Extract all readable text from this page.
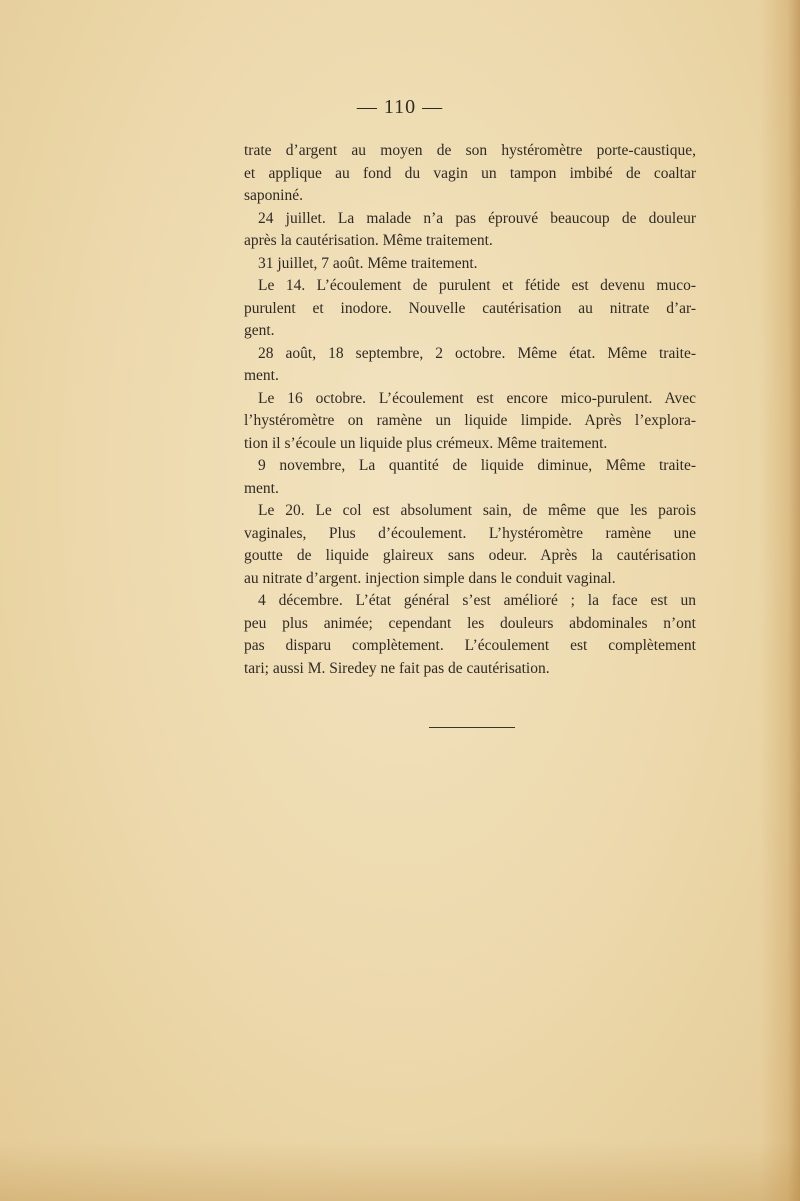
— 110 —
trate d’argent au moyen de son hystéromètre porte-caustique,
et applique au fond du vagin un tampon imbibé de coaltar
saponiné.
24 juillet. La malade n’a pas éprouvé beaucoup de douleur
après la cautérisation. Même traitement.
31 juillet, 7 août. Même traitement.
Le 14. L’écoulement de purulent et fétide est devenu muco-
purulent et inodore. Nouvelle cautérisation au nitrate d’ar-
gent.
28 août, 18 septembre, 2 octobre. Même état. Même traite-
ment.
Le 16 octobre. L’écoulement est encore mico-purulent. Avec
l’hystéromètre on ramène un liquide limpide. Après l’explora-
tion il s’écoule un liquide plus crémeux. Même traitement.
9 novembre, La quantité de liquide diminue, Même traite-
ment.
Le 20. Le col est absolument sain, de même que les parois
vaginales, Plus d’écoulement. L’hystéromètre ramène une
goutte de liquide glaireux sans odeur. Après la cautérisation
au nitrate d’argent. injection simple dans le conduit vaginal.
4 décembre. L’état général s’est amélioré ; la face est un
peu plus animée; cependant les douleurs abdominales n’ont
pas disparu complètement. L’écoulement est complètement
tari; aussi M. Siredey ne fait pas de cautérisation.
